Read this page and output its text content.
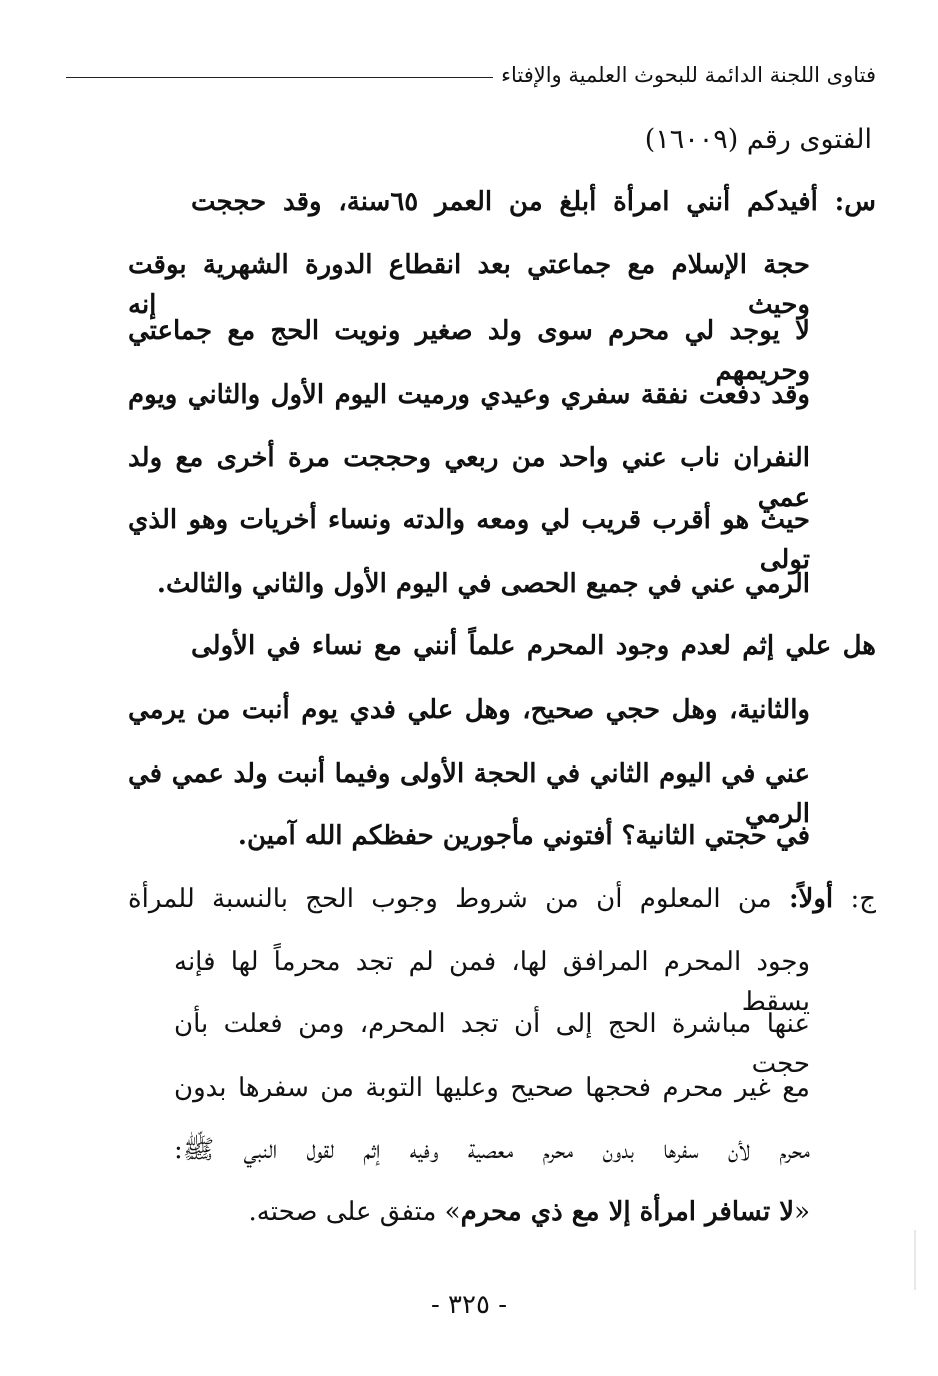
فتاوى اللجنة الدائمة للبحوث العلمية والإفتاء
الفتوى رقم (١٦٠٠٩)
س: أفيدكم أنني امرأة أبلغ من العمر ٦٥سنة، وقد حججت
حجة الإسلام مع جماعتي بعد انقطاع الدورة الشهرية بوقت وحيث إنه
لا يوجد لي محرم سوى ولد صغير ونويت الحج مع جماعتي وحريمهم
وقد دفعت نفقة سفري وعيدي ورميت اليوم الأول والثاني ويوم
النفران ناب عني واحد من ربعي وحججت مرة أخرى مع ولد عمي
حيث هو أقرب قريب لي ومعه والدته ونساء أخريات وهو الذي تولى
الرمي عني في جميع الحصى في اليوم الأول والثاني والثالث.
هل علي إثم لعدم وجود المحرم علماً أنني مع نساء في الأولى
والثانية، وهل حجي صحيح، وهل علي فدي يوم أنبت من يرمي
عني في اليوم الثاني في الحجة الأولى وفيما أنبت ولد عمي في الرمي
في حجتي الثانية؟ أفتوني مأجورين حفظكم الله آمين.
ج: أولاً: من المعلوم أن من شروط وجوب الحج بالنسبة للمرأة
وجود المحرم المرافق لها، فمن لم تجد محرماً لها فإنه يسقط
عنها مباشرة الحج إلى أن تجد المحرم، ومن فعلت بأن حجت
مع غير محرم فحجها صحيح وعليها التوبة من سفرها بدون
محرم لأن سفرها بدون محرم معصية وفيه إثم لقول النبي ﷺ:
«لا تسافر امرأة إلا مع ذي محرم» متفق على صحته.
- ٣٢٥ -
